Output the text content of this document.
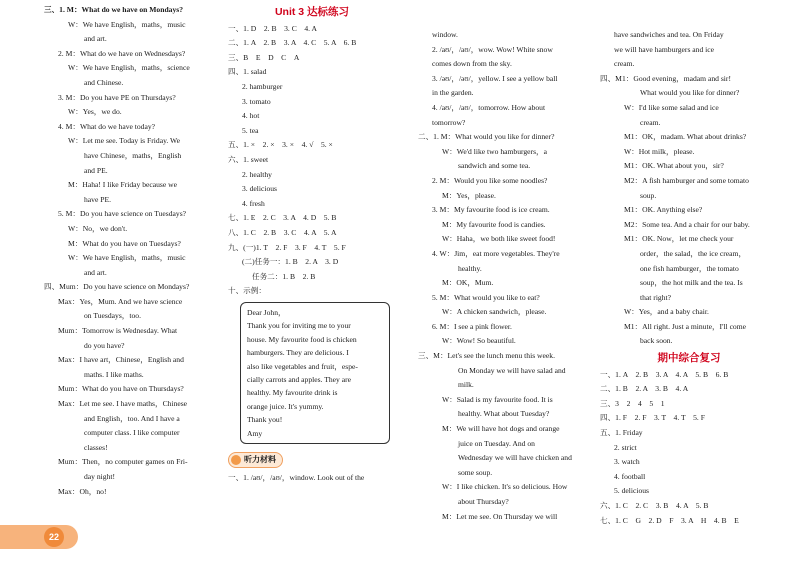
三、1. M：What do we have on Mondays?
W：We have English，maths，music
and art.
2. M：What do we have on Wednesdays?
W：We have English，maths，science
and Chinese.
3. M：Do you have PE on Thursdays?
W：Yes，we do.
4. M：What do we have today?
W：Let me see. Today is Friday. We
have Chinese，maths，English
and PE.
M：Haha! I like Friday because we
have PE.
5. M：Do you have science on Tuesdays?
W：No，we don't.
M：What do you have on Tuesdays?
W：We have English，maths，music
and art.
四、Mum：Do you have science on Mondays?
Max：Yes，Mum. And we have science
on Tuesdays，too.
Mum：Tomorrow is Wednesday. What
do you have?
Max：I have art，Chinese，English and
maths. I like maths.
Mum：What do you have on Thursdays?
Max：Let me see. I have maths，Chinese
and English，too. And I have a
computer class. I like computer
classes!
Mum：Then，no computer games on Fri-
day night!
Max：Oh，no!
Unit 3 达标练习
一、1. D　2. B　3. C　4. A
二、1. A　2. B　3. A　4. C　5. A　6. B
三、B　E　D　C　A
四、1. salad
2. hamburger
3. tomato
4. hot
5. tea
五、1. ×　2. ×　3. ×　4. √　5. ×
六、1. sweet
2. healthy
3. delicious
4. fresh
七、1. E　2. C　3. A　4. D　5. B
八、1. C　2. B　3. C　4. A　5. A
九、(一)1. T　2. F　3. F　4. T　5. F
(二)任务一：1. B　2. A　3. D
任务二：1. B　2. B
十、示例：
Dear John，
Thank you for inviting me to your
house. My favourite food is chicken
hamburgers. They are delicious. I
also like vegetables and fruit，espe-
cially carrots and apples. They are
healthy. My favourite drink is
orange juice. It's yummy.
Thank you!
Amy
听力材料
一、1. /aʊ/，/aʊ/，window. Look out of the
window.
2. /aʊ/，/aʊ/，wow. Wow! White snow
comes down from the sky.
3. /əʊ/，/əʊ/，yellow. I see a yellow ball
in the garden.
4. /aʊ/，/aʊ/，tomorrow. How about
tomorrow?
二、1. M：What would you like for dinner?
W：We'd like two hamburgers，a
sandwich and some tea.
2. M：Would you like some noodles?
M：Yes，please.
3. M：My favourite food is ice cream.
M：My favourite food is candies.
W：Haha，we both like sweet food!
4. W：Jim，eat more vegetables. They're
healthy.
M：OK，Mum.
5. M：What would you like to eat?
W：A chicken sandwich，please.
6. M：I see a pink flower.
W：Wow! So beautiful.
三、M：Let's see the lunch menu this week.
On Monday we will have salad and
milk.
W：Salad is my favourite food. It is
healthy. What about Tuesday?
M：We will have hot dogs and orange
juice on Tuesday. And on
Wednesday we will have chicken and
some soup.
W：I like chicken. It's so delicious. How
about Thursday?
M：Let me see. On Thursday we will
have sandwiches and tea. On Friday
we will have hamburgers and ice
cream.
四、M1：Good evening，madam and sir!
What would you like for dinner?
W：I'd like some salad and ice
cream.
M1：OK，madam. What about drinks?
W：Hot milk，please.
M1：OK. What about you，sir?
M2：A fish hamburger and some tomato
soup.
M1：OK. Anything else?
M2：Some tea. And a chair for our baby.
M1：OK. Now，let me check your
order，the salad，the ice cream，
one fish hamburger，the tomato
soup，the hot milk and the tea. Is
that right?
W：Yes，and a baby chair.
M1：All right. Just a minute，I'll come
back soon.
期中综合复习
一、1. A　2. B　3. A　4. A　5. B　6. B
二、1. B　2. A　3. B　4. A
三、3　2　4　5　1
四、1. F　2. F　3. T　4. T　5. F
五、1. Friday
2. strict
3. watch
4. football
5. delicious
六、1. C　2. C　3. B　4. A　5. B
七、1. C　G　2. D　F　3. A　H　4. B　E
22
